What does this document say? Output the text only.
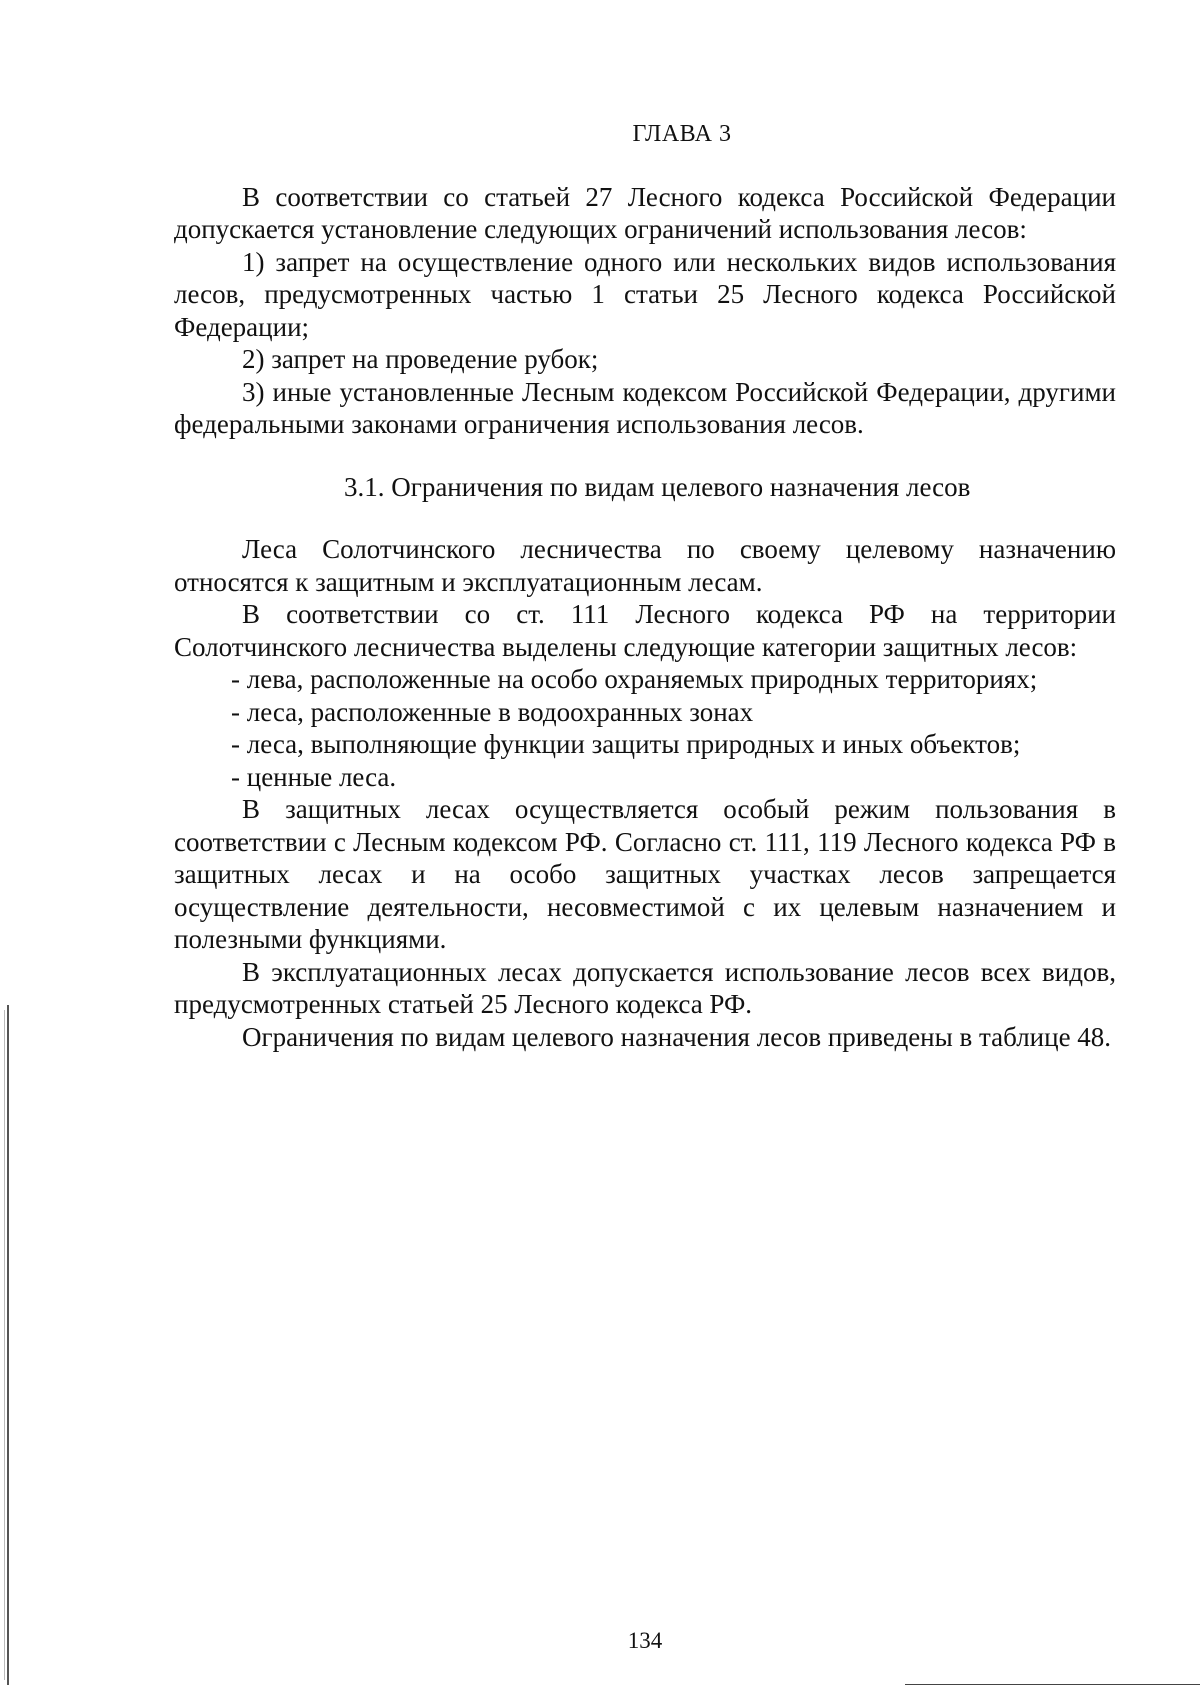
ГЛАВА 3

В соответствии со статьей 27 Лесного кодекса Российской Федерации допускается установление следующих ограничений использования лесов:

1) запрет на осуществление одного или нескольких видов использования лесов, предусмотренных частью 1 статьи 25 Лесного кодекса Российской Федерации;

2) запрет на проведение рубок;

3) иные установленные Лесным кодексом Российской Федерации, другими федеральными законами ограничения использования лесов.

3.1. Ограничения по видам целевого назначения лесов

Леса Солотчинского лесничества по своему целевому назначению относятся к защитным и эксплуатационным лесам.

В соответствии со ст. 111 Лесного кодекса РФ на территории Солотчинского лесничества выделены следующие категории защитных лесов:

- лева, расположенные на особо охраняемых природных территориях;

- леса, расположенные в водоохранных зонах

- леса, выполняющие функции защиты природных и иных объектов;

- ценные леса.

В защитных лесах осуществляется особый режим пользования в соответствии с Лесным кодексом РФ. Согласно ст. 111, 119 Лесного кодекса РФ в защитных лесах и на особо защитных участках лесов запрещается осуществление деятельности, несовместимой с их целевым назначением и полезными функциями.

В эксплуатационных лесах допускается использование лесов всех видов, предусмотренных статьей 25 Лесного кодекса РФ.

Ограничения по видам целевого назначения лесов приведены в таблице 48.

134
